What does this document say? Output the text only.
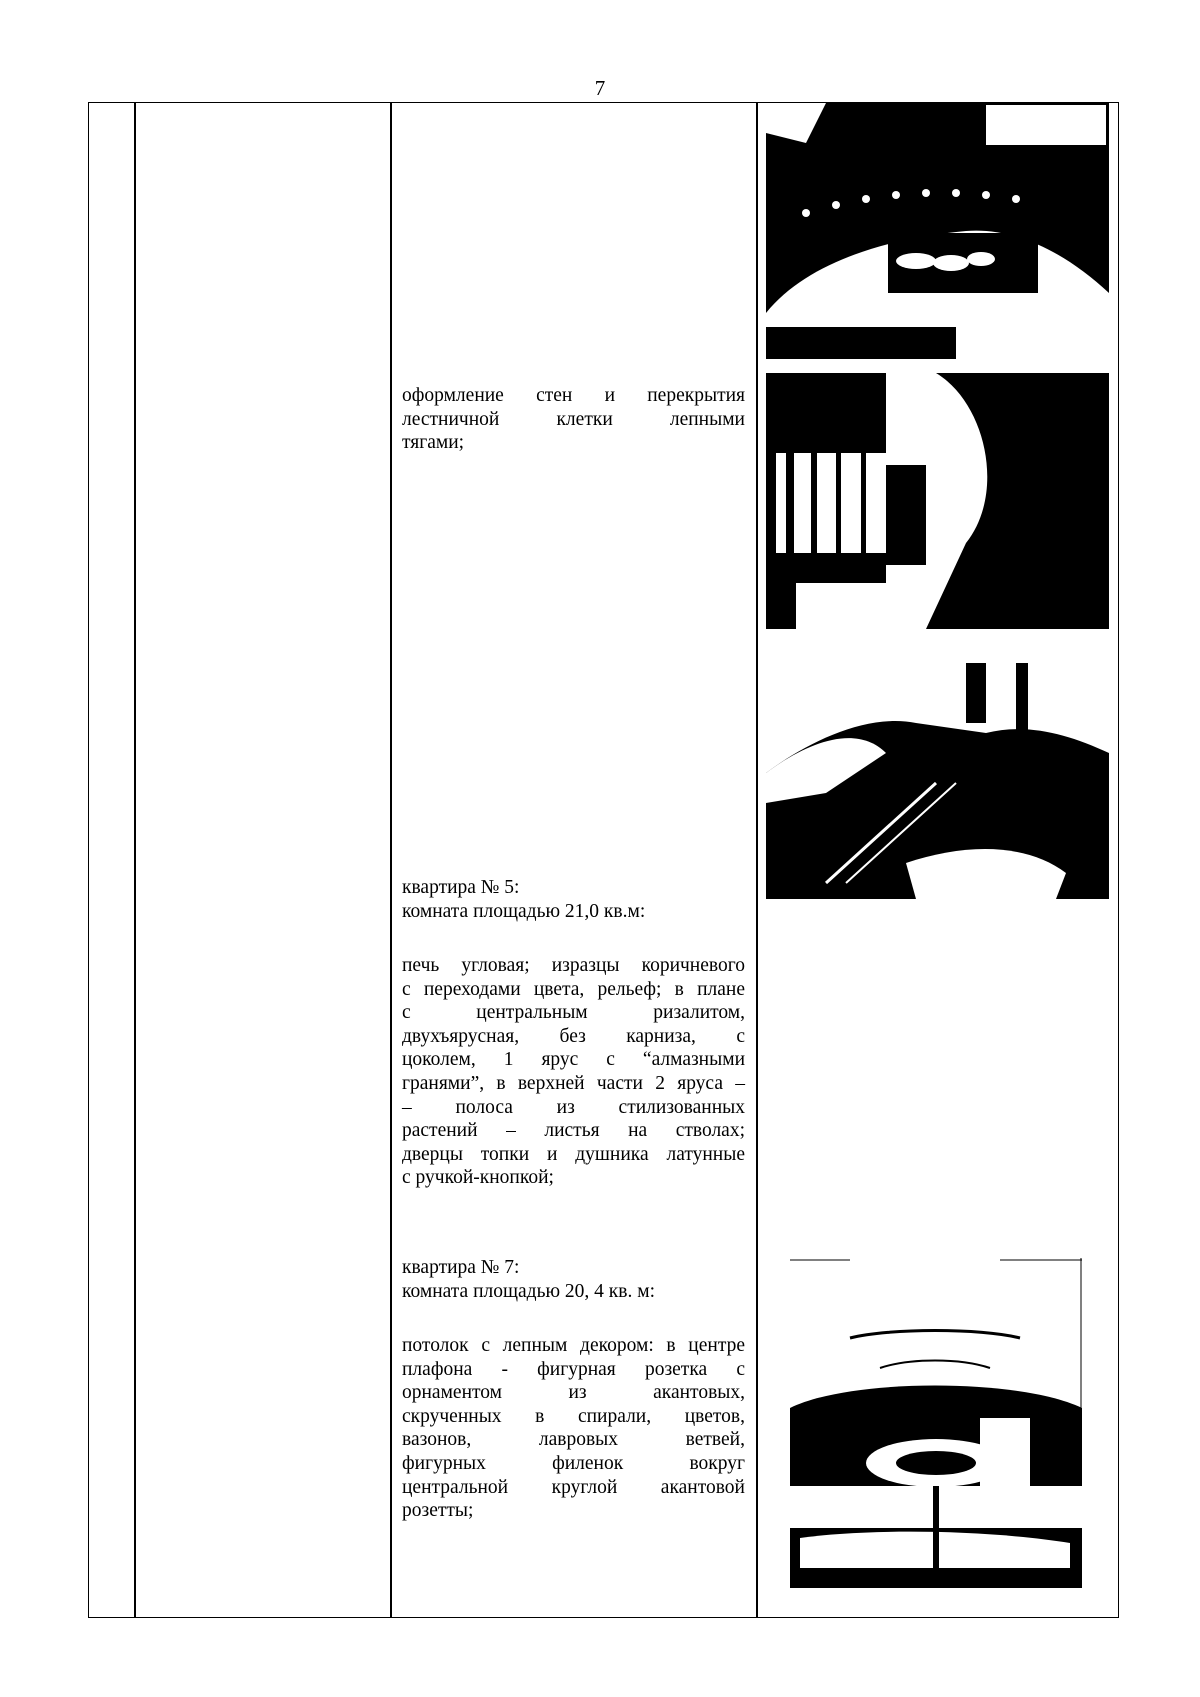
7
оформление стен и перекрытия
лестничной клетки лепными
тягами;
квартира № 5:
комната площадью 21,0 кв.м:
печь угловая; изразцы коричневого
с переходами цвета, рельеф; в плане
с центральным ризалитом,
двухъярусная, без карниза, с
цоколем, 1 ярус с “алмазными
гранями”, в верхней части 2 яруса –
– полоса из стилизованных
растений – листья на стволах;
дверцы топки и душника латунные
с ручкой-кнопкой;
квартира № 7:
комната площадью 20, 4 кв. м:
потолок с лепным декором: в центре
плафона - фигурная розетка с
орнаментом из акантовых,
скрученных в спирали, цветов,
вазонов, лавровых ветвей,
фигурных филенок вокруг
центральной круглой акантовой
розетты;
